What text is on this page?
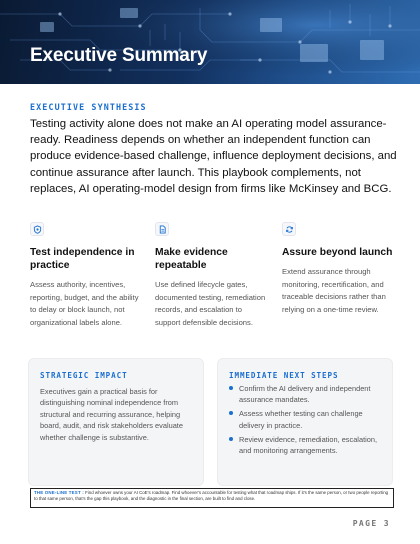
Executive Summary
EXECUTIVE SYNTHESIS

Testing activity alone does not make an AI operating model assurance-ready. Readiness depends on whether an independent function can produce evidence-based challenge, influence deployment decisions, and continue assurance after launch. This playbook complements, not replaces, AI operating-model design from firms like McKinsey and BCG.

Test independence in practice
Assess authority, incentives, reporting, budget, and the ability to delay or block launch, not organizational labels alone.
Make evidence repeatable
Use defined lifecycle gates, documented testing, remediation records, and escalation to support defensible decisions.
Assure beyond launch
Extend assurance through monitoring, recertification, and traceable decisions rather than relying on a one-time review.
STRATEGIC IMPACT
Executives gain a practical basis for distinguishing nominal independence from structural and recurring assurance, helping board, audit, and risk stakeholders evaluate whether challenge is substantive.
IMMEDIATE NEXT STEPS
Confirm the AI delivery and independent assurance mandates.
Assess whether testing can challenge delivery in practice.
Review evidence, remediation, escalation, and monitoring arrangements.
THE ONE-LINE TEST : Find whoever owns your AI CoE's roadmap. Find whoever's accountable for testing what that roadmap ships. If it's the same person, or two people reporting to that same person, that's the gap this playbook, and the diagnostic in the final section, are built to find and close.
PAGE 3
